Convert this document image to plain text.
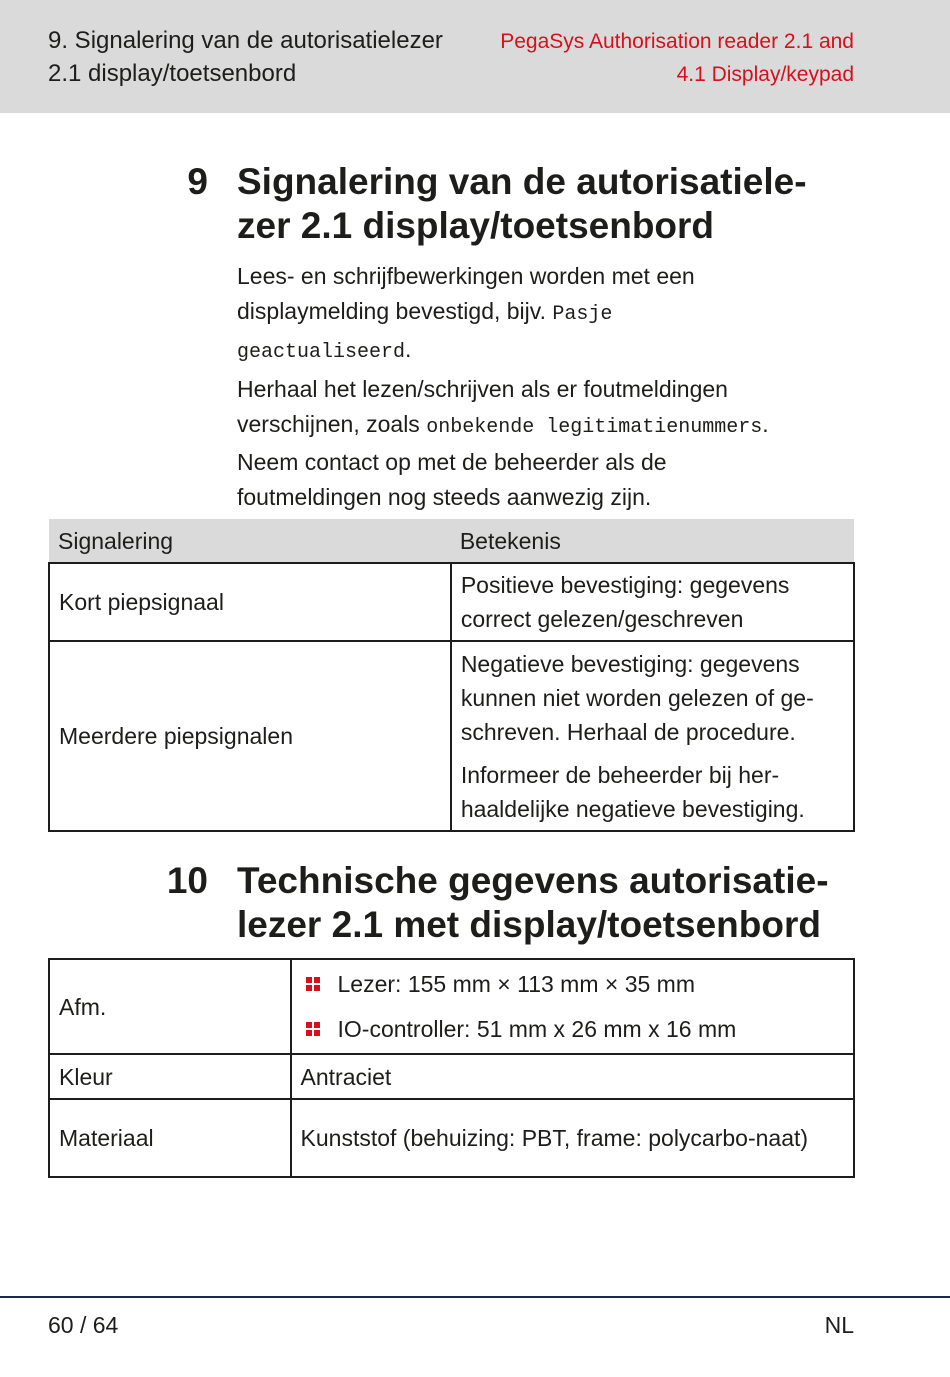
9. Signalering van de autorisatielezer
2.1 display/toetsenbord
PegaSys Authorisation reader 2.1 and
4.1 Display/keypad
9 Signalering van de autorisatiele-
zer 2.1 display/toetsenbord
Lees- en schrijfbewerkingen worden met een
displaymelding bevestigd, bijv. Pasje
geactualiseerd.
Herhaal het lezen/schrijven als er foutmeldingen
verschijnen, zoals onbekende legitimatienummers.
Neem contact op met de beheerder als de
foutmeldingen nog steeds aanwezig zijn.
Signalering	Betekenis
Kort piepsignaal	Positieve bevestiging: gegevens correct gelezen/geschreven

Meerdere piepsignalen	Negatieve bevestiging: gegevens kunnen niet worden gelezen of ge-schreven. Herhaal de procedure.

Informeer de beheerder bij her-haaldelijke negatieve bevestiging.

10 Technische gegevens autorisatie-
lezer 2.1 met display/toetsenbord
Afm.	Lezer: 155 mm × 113 mm × 35 mm
IO-controller: 51 mm x 26 mm x 16 mm

Kleur	Antraciet
Materiaal	Kunststof (behuizing: PBT, frame: polycarbo-naat)
60 / 64	NL
